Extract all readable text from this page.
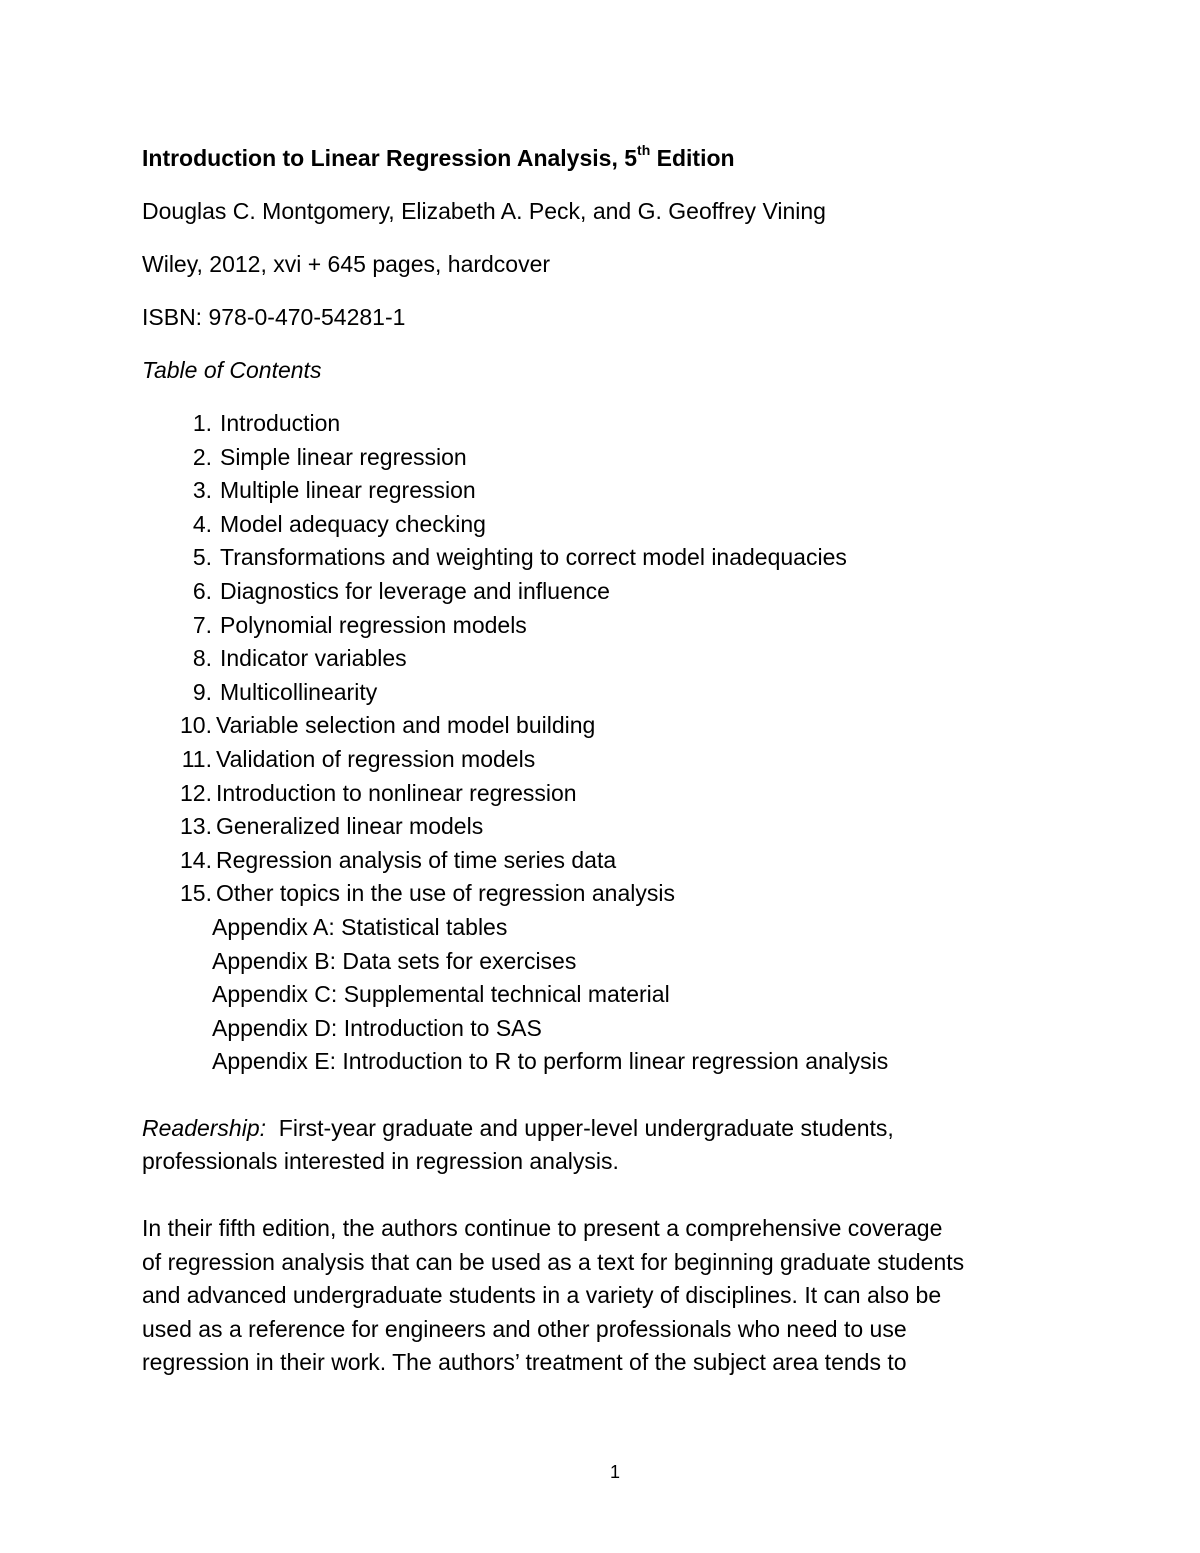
Introduction to Linear Regression Analysis, 5th Edition
Douglas C. Montgomery, Elizabeth A. Peck, and G. Geoffrey Vining
Wiley, 2012, xvi + 645 pages, hardcover
ISBN: 978-0-470-54281-1
Table of Contents
1. Introduction
2. Simple linear regression
3. Multiple linear regression
4. Model adequacy checking
5. Transformations and weighting to correct model inadequacies
6. Diagnostics for leverage and influence
7. Polynomial regression models
8. Indicator variables
9. Multicollinearity
10. Variable selection and model building
11. Validation of regression models
12. Introduction to nonlinear regression
13. Generalized linear models
14. Regression analysis of time series data
15. Other topics in the use of regression analysis
Appendix A: Statistical tables
Appendix B: Data sets for exercises
Appendix C: Supplemental technical material
Appendix D: Introduction to SAS
Appendix E: Introduction to R to perform linear regression analysis
Readership:  First-year graduate and upper-level undergraduate students,
professionals interested in regression analysis.
In their fifth edition, the authors continue to present a comprehensive coverage
of regression analysis that can be used as a text for beginning graduate students
and advanced undergraduate students in a variety of disciplines. It can also be
used as a reference for engineers and other professionals who need to use
regression in their work. The authors’ treatment of the subject area tends to
1
